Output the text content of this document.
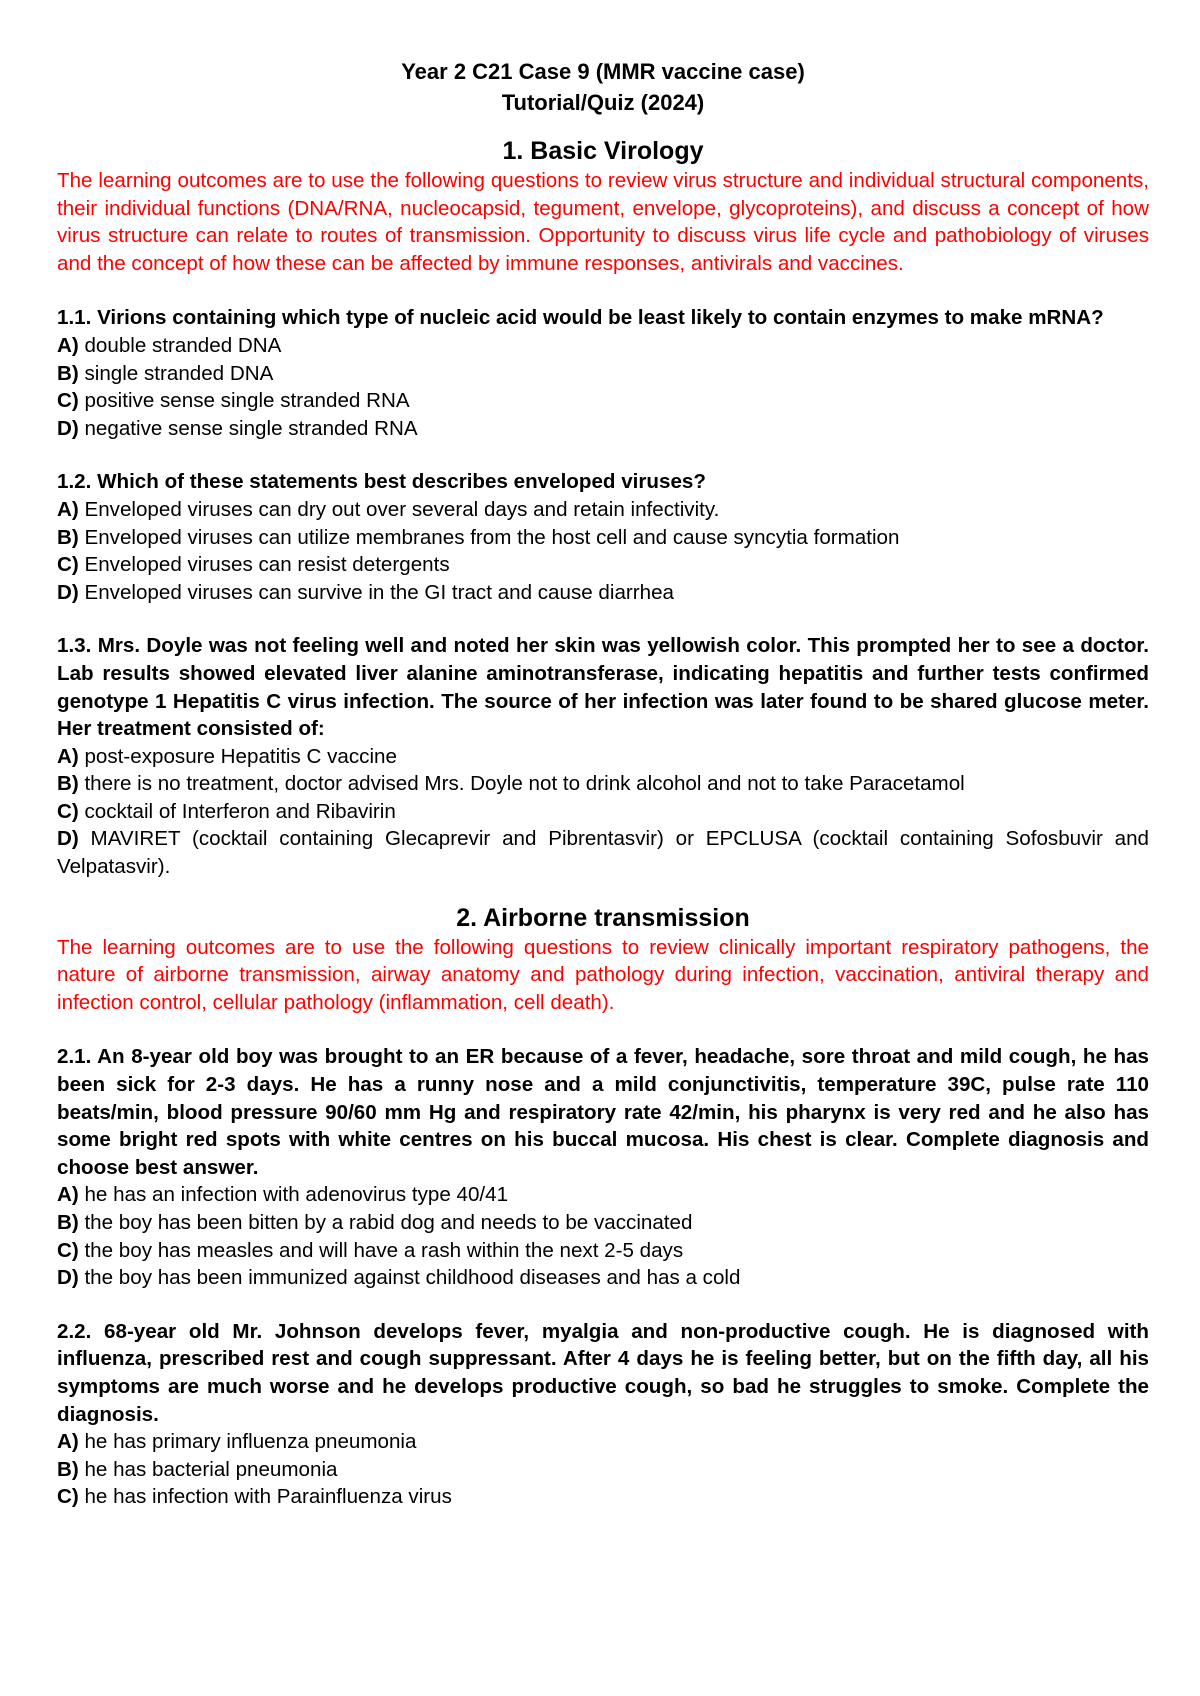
Year 2 C21 Case 9 (MMR vaccine case)
Tutorial/Quiz (2024)
1. Basic Virology

The learning outcomes are to use the following questions to review virus structure and individual structural components, their individual functions (DNA/RNA, nucleocapsid, tegument, envelope, glycoproteins), and discuss a concept of how virus structure can relate to routes of transmission. Opportunity to discuss virus life cycle and pathobiology of viruses and the concept of how these can be affected by immune responses, antivirals and vaccines.

1.1. Virions containing which type of nucleic acid would be least likely to contain enzymes to make mRNA?

A) double stranded DNA
B) single stranded DNA
C) positive sense single stranded RNA
D) negative sense single stranded RNA

1.2. Which of these statements best describes enveloped viruses?

A) Enveloped viruses can dry out over several days and retain infectivity.
B) Enveloped viruses can utilize membranes from the host cell and cause syncytia formation
C) Enveloped viruses can resist detergents
D) Enveloped viruses can survive in the GI tract and cause diarrhea

1.3. Mrs. Doyle was not feeling well and noted her skin was yellowish color. This prompted her to see a doctor. Lab results showed elevated liver alanine aminotransferase, indicating hepatitis and further tests confirmed genotype 1 Hepatitis C virus infection. The source of her infection was later found to be shared glucose meter. Her treatment consisted of:

A) post-exposure Hepatitis C vaccine
B) there is no treatment, doctor advised Mrs. Doyle not to drink alcohol and not to take Paracetamol
C) cocktail of Interferon and Ribavirin
D) MAVIRET (cocktail containing Glecaprevir and Pibrentasvir) or EPCLUSA (cocktail containing Sofosbuvir and Velpatasvir).
2. Airborne transmission

The learning outcomes are to use the following questions to review clinically important respiratory pathogens, the nature of airborne transmission, airway anatomy and pathology during infection, vaccination, antiviral therapy and infection control, cellular pathology (inflammation, cell death).

2.1. An 8-year old boy was brought to an ER because of a fever, headache, sore throat and mild cough, he has been sick for 2-3 days. He has a runny nose and a mild conjunctivitis, temperature 39C, pulse rate 110 beats/min, blood pressure 90/60 mm Hg and respiratory rate 42/min, his pharynx is very red and he also has some bright red spots with white centres on his buccal mucosa. His chest is clear. Complete diagnosis and choose best answer.

A) he has an infection with adenovirus type 40/41
B) the boy has been bitten by a rabid dog and needs to be vaccinated
C) the boy has measles and will have a rash within the next 2-5 days
D) the boy has been immunized against childhood diseases and has a cold

2.2. 68-year old Mr. Johnson develops fever, myalgia and non-productive cough. He is diagnosed with influenza, prescribed rest and cough suppressant. After 4 days he is feeling better, but on the fifth day, all his symptoms are much worse and he develops productive cough, so bad he struggles to smoke. Complete the diagnosis.

A) he has primary influenza pneumonia
B) he has bacterial pneumonia
C) he has infection with Parainfluenza virus
